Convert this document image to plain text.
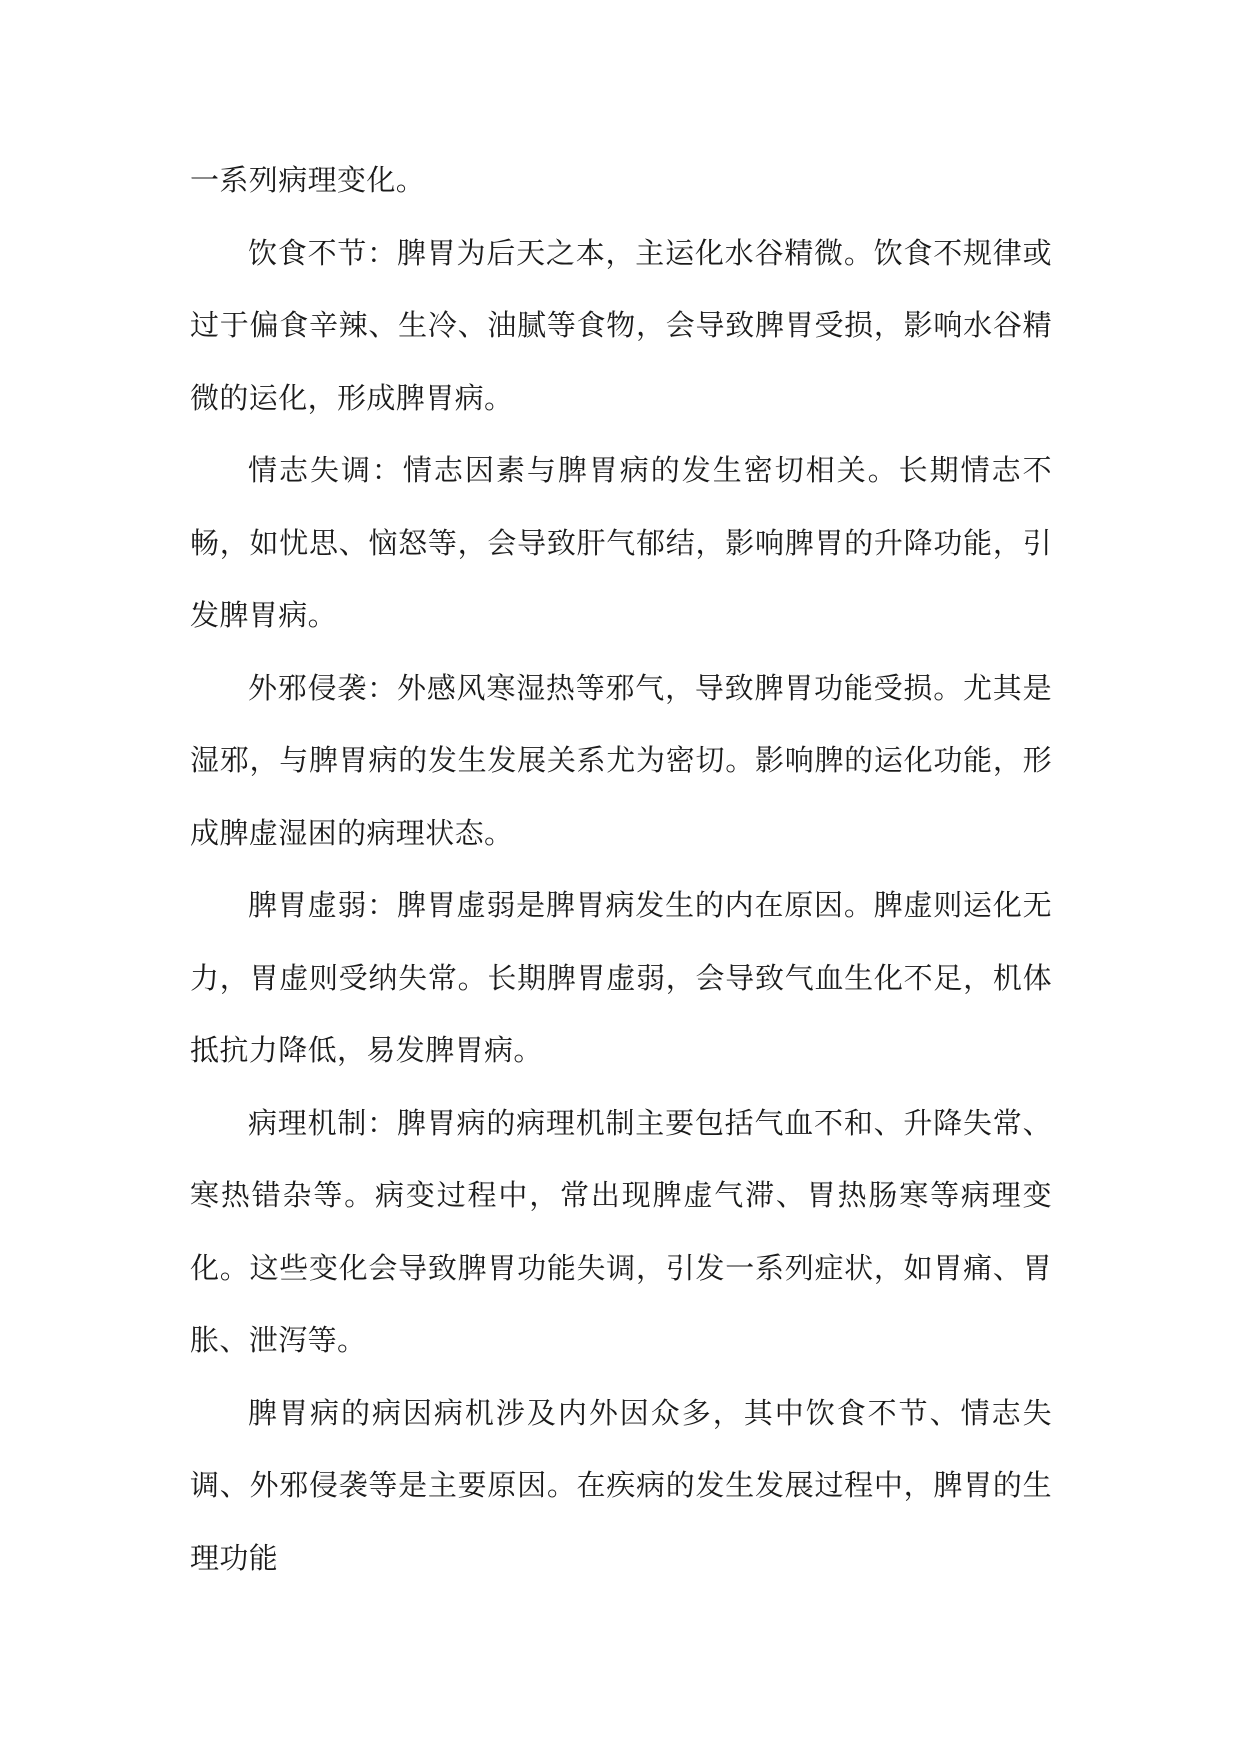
一系列病理变化。

饮食不节：脾胃为后天之本，主运化水谷精微。饮食不规律或过于偏食辛辣、生冷、油腻等食物，会导致脾胃受损，影响水谷精微的运化，形成脾胃病。

情志失调：情志因素与脾胃病的发生密切相关。长期情志不畅，如忧思、恼怒等，会导致肝气郁结，影响脾胃的升降功能，引发脾胃病。

外邪侵袭：外感风寒湿热等邪气，导致脾胃功能受损。尤其是湿邪，与脾胃病的发生发展关系尤为密切。影响脾的运化功能，形成脾虚湿困的病理状态。

脾胃虚弱：脾胃虚弱是脾胃病发生的内在原因。脾虚则运化无力，胃虚则受纳失常。长期脾胃虚弱，会导致气血生化不足，机体抵抗力降低，易发脾胃病。

病理机制：脾胃病的病理机制主要包括气血不和、升降失常、寒热错杂等。病变过程中，常出现脾虚气滞、胃热肠寒等病理变化。这些变化会导致脾胃功能失调，引发一系列症状，如胃痛、胃胀、泄泻等。

脾胃病的病因病机涉及内外因众多，其中饮食不节、情志失调、外邪侵袭等是主要原因。在疾病的发生发展过程中，脾胃的生理功能
